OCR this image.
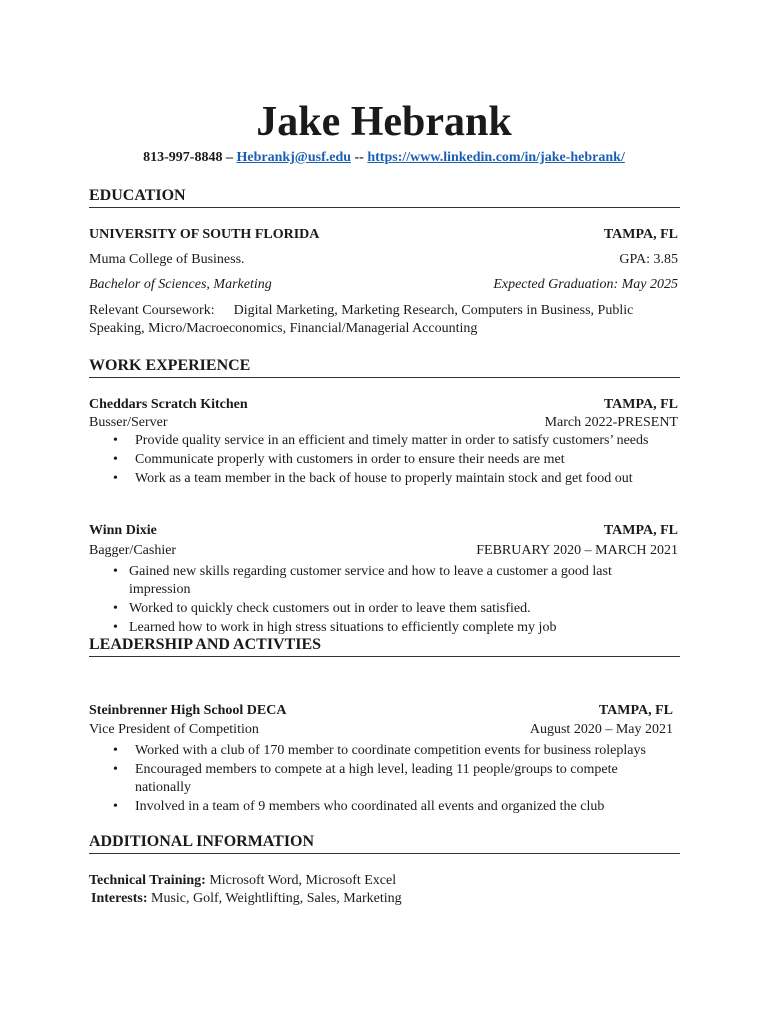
Jake Hebrank
813-997-8848 – Hebrankj@usf.edu -- https://www.linkedin.com/in/jake-hebrank/
EDUCATION
UNIVERSITY OF SOUTH FLORIDA	TAMPA, FL
Muma College of Business.	GPA: 3.85
Bachelor of Sciences, Marketing	Expected Graduation: May 2025
Relevant Coursework: Digital Marketing, Marketing Research, Computers in Business, Public
Speaking, Micro/Macroeconomics, Financial/Managerial Accounting
WORK EXPERIENCE
Cheddars Scratch Kitchen	TAMPA, FL
Busser/Server	March 2022-PRESENT
• Provide quality service in an efficient and timely matter in order to satisfy customers’ needs
• Communicate properly with customers in order to ensure their needs are met
• Work as a team member in the back of house to properly maintain stock and get food out
Winn Dixie	TAMPA, FL
Bagger/Cashier	FEBRUARY 2020 – MARCH 2021
• Gained new skills regarding customer service and how to leave a customer a good last impression
• Worked to quickly check customers out in order to leave them satisfied.
• Learned how to work in high stress situations to efficiently complete my job
LEADERSHIP AND ACTIVTIES
Steinbrenner High School DECA	TAMPA, FL
Vice President of Competition	August 2020 – May 2021
• Worked with a club of 170 member to coordinate competition events for business roleplays
• Encouraged members to compete at a high level, leading 11 people/groups to compete nationally
• Involved in a team of 9 members who coordinated all events and organized the club
ADDITIONAL INFORMATION
Technical Training: Microsoft Word, Microsoft Excel
Interests: Music, Golf, Weightlifting, Sales, Marketing
